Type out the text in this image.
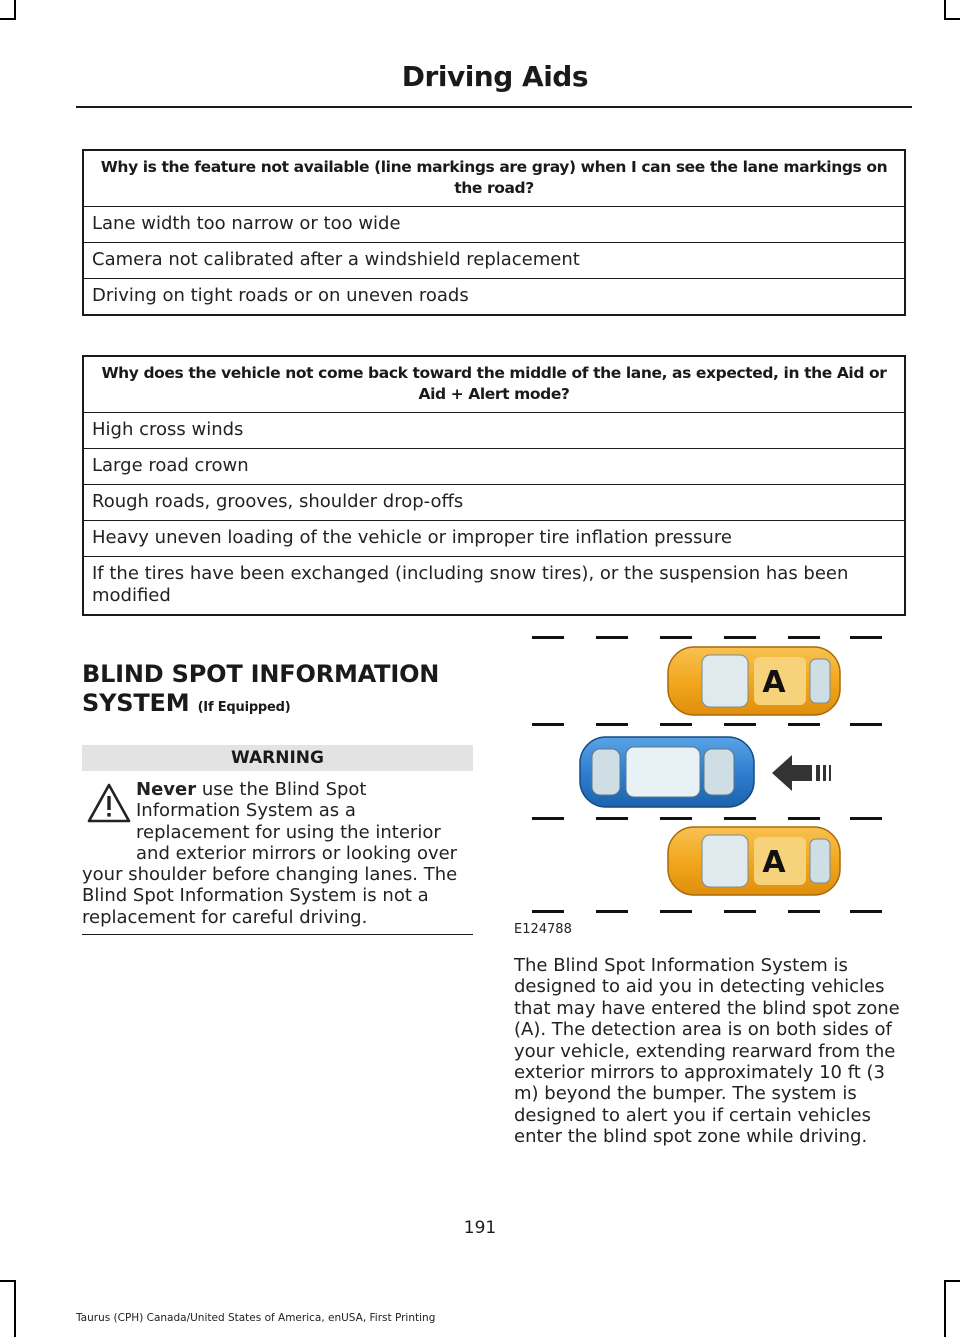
Driving Aids
Why is the feature not available (line markings are gray) when I can see the lane markings on the road?
Lane width too narrow or too wide
Camera not calibrated after a windshield replacement
Driving on tight roads or on uneven roads
Why does the vehicle not come back toward the middle of the lane, as expected, in the Aid or Aid + Alert mode?
High cross winds
Large road crown
Rough roads, grooves, shoulder drop-offs
Heavy uneven loading of the vehicle or improper tire inflation pressure
If the tires have been exchanged (including snow tires), or the suspension has been modified
BLIND SPOT INFORMATION
SYSTEM (If Equipped)
WARNING
Never use the Blind Spot Information System as a replacement for using the interior and exterior mirrors or looking over your shoulder before changing lanes. The Blind Spot Information System is not a replacement for careful driving.
A
A
E124788
The Blind Spot Information System is designed to aid you in detecting vehicles that may have entered the blind spot zone (A). The detection area is on both sides of your vehicle, extending rearward from the exterior mirrors to approximately 10 ft (3 m) beyond the bumper. The system is designed to alert you if certain vehicles enter the blind spot zone while driving.
191
Taurus (CPH) Canada/United States of America, enUSA, First Printing
